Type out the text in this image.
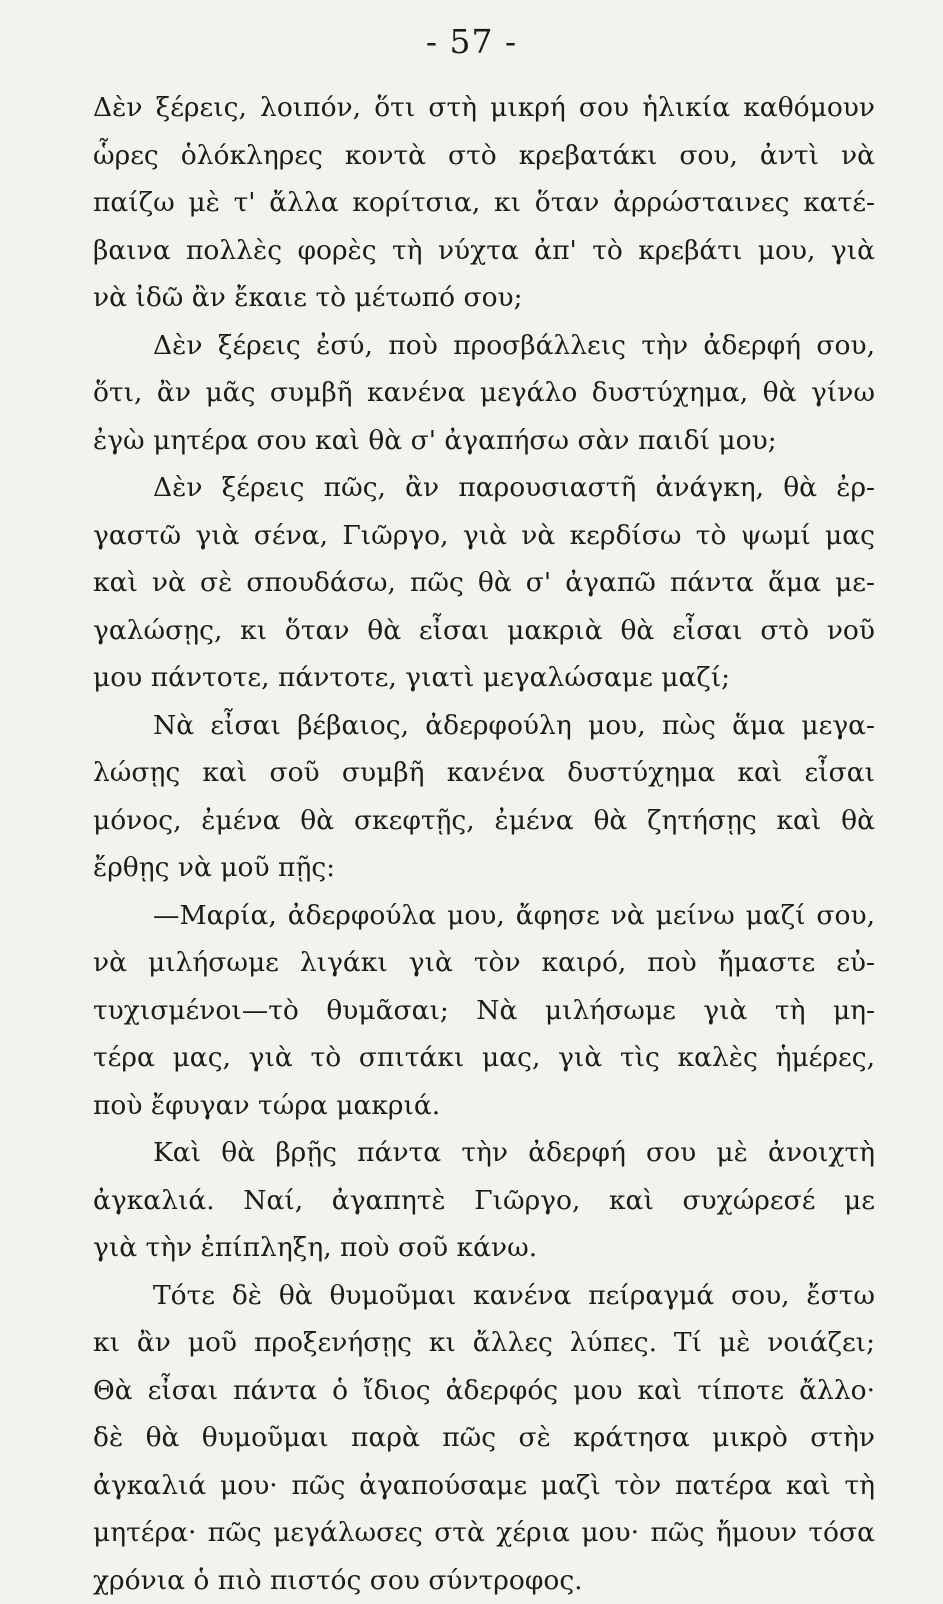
- 57 -
Δὲν ξέρεις, λοιπόν, ὅτι στὴ μικρή σου ἡλικία καθόμουν
ὧρες ὁλόκληρες κοντὰ στὸ κρεβατάκι σου, ἀντὶ νὰ
παίζω μὲ τ' ἄλλα κορίτσια, κι ὅταν ἀρρώσταινες κατέ-
βαινα πολλὲς φορὲς τὴ νύχτα ἀπ' τὸ κρεβάτι μου, γιὰ
νὰ ἰδῶ ἂν ἔκαιε τὸ μέτωπό σου;
Δὲν ξέρεις ἐσύ, ποὺ προσβάλλεις τὴν ἀδερφή σου,
ὅτι, ἂν μᾶς συμβῆ κανένα μεγάλο δυστύχημα, θὰ γίνω
ἐγὼ μητέρα σου καὶ θὰ σ' ἀγαπήσω σὰν παιδί μου;
Δὲν ξέρεις πῶς, ἂν παρουσιαστῆ ἀνάγκη, θὰ ἐρ-
γαστῶ γιὰ σένα, Γιῶργο, γιὰ νὰ κερδίσω τὸ ψωμί μας
καὶ νὰ σὲ σπουδάσω, πῶς θὰ σ' ἀγαπῶ πάντα ἅμα με-
γαλώσῃς, κι ὅταν θὰ εἶσαι μακριὰ θὰ εἶσαι στὸ νοῦ
μου πάντοτε, πάντοτε, γιατὶ μεγαλώσαμε μαζί;
Νὰ εἶσαι βέβαιος, ἀδερφούλη μου, πὼς ἅμα μεγα-
λώσῃς καὶ σοῦ συμβῆ κανένα δυστύχημα καὶ εἶσαι
μόνος, ἐμένα θὰ σκεφτῇς, ἐμένα θὰ ζητήσῃς καὶ θὰ
ἔρθῃς νὰ μοῦ πῇς:
—Μαρία, ἀδερφούλα μου, ἄφησε νὰ μείνω μαζί σου,
νὰ μιλήσωμε λιγάκι γιὰ τὸν καιρό, ποὺ ἤμαστε εὐ-
τυχισμένοι—τὸ θυμᾶσαι; Νὰ μιλήσωμε γιὰ τὴ μη-
τέρα μας, γιὰ τὸ σπιτάκι μας, γιὰ τὶς καλὲς ἡμέρες,
ποὺ ἔφυγαν τώρα μακριά.
Καὶ θὰ βρῇς πάντα τὴν ἀδερφή σου μὲ ἀνοιχτὴ
ἀγκαλιά. Ναί, ἀγαπητὲ Γιῶργο, καὶ συχώρεσέ με
γιὰ τὴν ἐπίπληξη, ποὺ σοῦ κάνω.
Τότε δὲ θὰ θυμοῦμαι κανένα πείραγμά σου, ἔστω
κι ἂν μοῦ προξενήσῃς κι ἄλλες λύπες. Τί μὲ νοιάζει;
Θὰ εἶσαι πάντα ὁ ἴδιος ἀδερφός μου καὶ τίποτε ἄλλο·
δὲ θὰ θυμοῦμαι παρὰ πῶς σὲ κράτησα μικρὸ στὴν
ἀγκαλιά μου· πῶς ἀγαπούσαμε μαζὶ τὸν πατέρα καὶ τὴ
μητέρα· πῶς μεγάλωσες στὰ χέρια μου· πῶς ἤμουν τόσα
χρόνια ὁ πιὸ πιστός σου σύντροφος.
